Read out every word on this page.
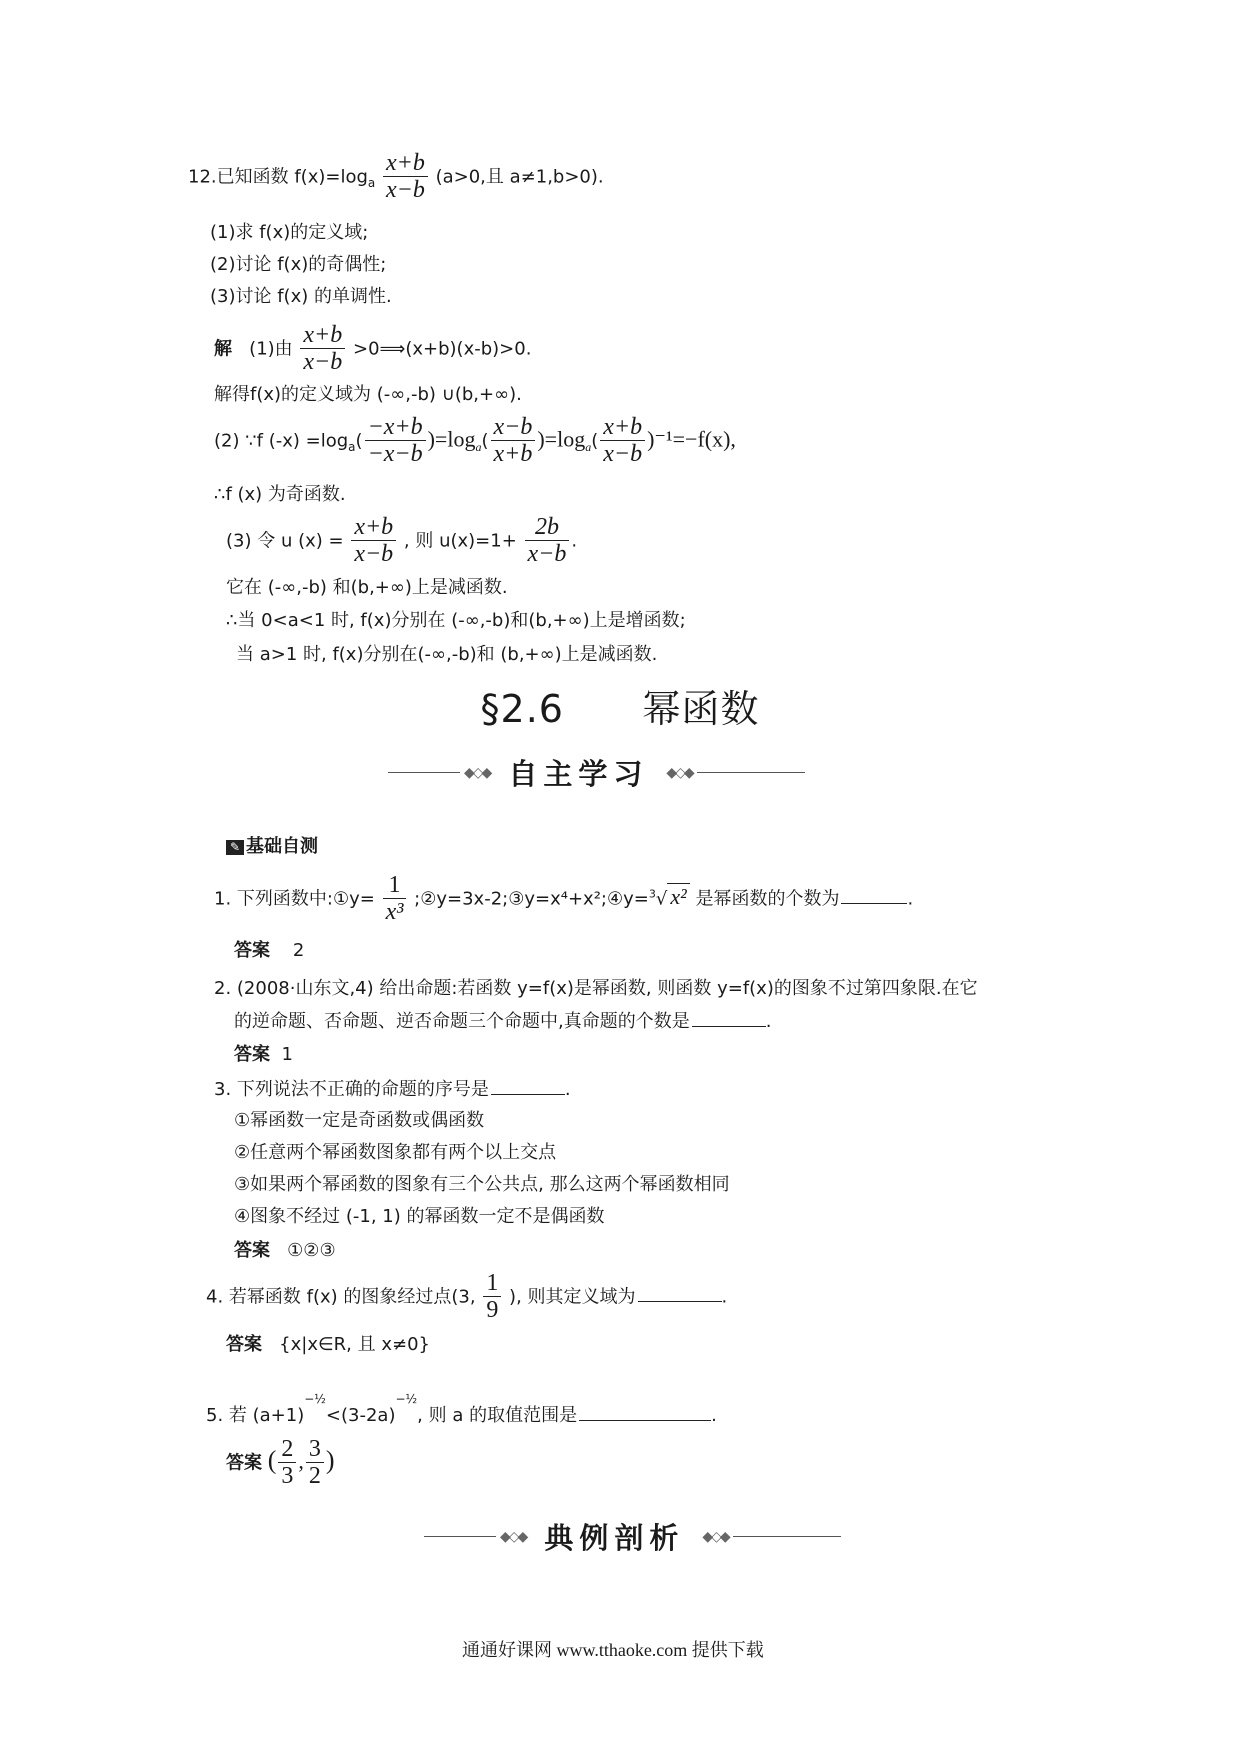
12.已知函数 $f(x)=\log_a \frac{x+b}{x-b} (a>0$,且 a≠1,b>0).
(1)求 f(x)的定义域;
(2)讨论 f(x)的奇偶性;
(3)讨论 f(x) 的单调性.
解 (1)由 $\frac{x+b}{x-b}$ >0⟹(x+b)(x-b)>0.
解得f(x)的定义域为 (-∞,-b) ∪(b,+∞).
(2) ∵f $(-x) =\log_a( \frac{-x+b}{-x-b} )=\log_a( \frac{x-b}{x+b} )=\log_a( \frac{x+b}{x-b} )^{-1}=-f(x)$,
∴f (x) 为奇函数.
(3) 令 u $(x) = \frac{x+b}{x-b}$ , 则 $u(x)=1+ \frac{2b}{x-b}$ .
它在 (-∞,-b) 和(b,+∞)上是减函数.
∴当 0<a<1 时, f(x)分别在 (-∞,-b)和(b,+∞)上是增函数;
当 a>1 时, f(x)分别在(-∞,-b)和 (b,+∞)上是减函数.
§2.6 幂函数
◆◇◆ 自主学习 ◆◇◆
✎ 基础自测
1. 下列函数中:①y= $\frac{1}{\text{x³}}$ ;②y=3x-2;③y=x⁴+x²;④y=$^3$√ x² 是幂函数的个数为	.
答案 2
2. (2008·山东文,4) 给出命题:若函数 y=f(x)是幂函数, 则函数 y=f(x)的图象不过第四象限.在它
的逆命题、否命题、逆否命题三个命题中,真命题的个数是	.
答案 1
3. 下列说法不正确的命题的序号是	.
①幂函数一定是奇函数或偶函数
②任意两个幂函数图象都有两个以上交点
③如果两个幂函数的图象有三个公共点, 那么这两个幂函数相同
④图象不经过 (-1, 1) 的幂函数一定不是偶函数
答案 ①②③
4. 若幂函数 f(x) 的图象经过点(3, $\frac{1}{9}$ ), 则其定义域为	.
答案 {x|x∈R, 且 x≠0}
5. 若 $(a+1)^{-\frac{1}{2}}<(3-2a)^{-\frac{1}{2}}$, 则 a 的取值范围是	.
答案 ( $\frac{2}{3}$ , $\frac{3}{2}$ )
◆◇◆ 典例剖析 ◆◇◆
通通好课网 www.tthaoke.com 提供下载
